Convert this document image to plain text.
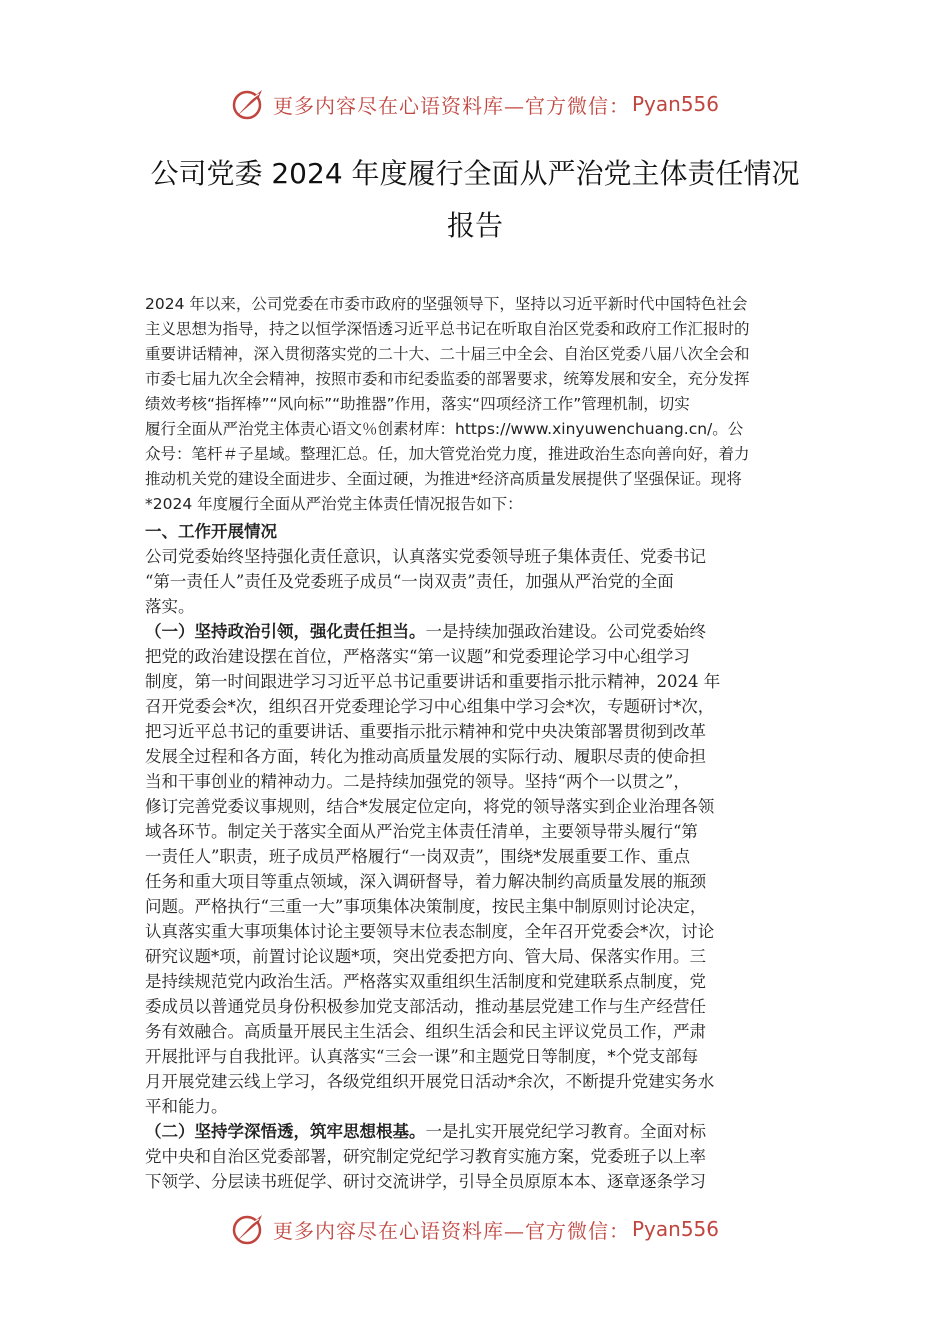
更多内容尽在心语资料库—官方微信： Pyan556
公司党委 2024 年度履行全面从严治党主体责任情况
报告
2024 年以来，公司党委在市委市政府的坚强领导下，坚持以习近平新时代中国特色社会
主义思想为指导，持之以恒学深悟透习近平总书记在听取自治区党委和政府工作汇报时的
重要讲话精神，深入贯彻落实党的二十大、二十届三中全会、自治区党委八届八次全会和
市委七届九次全会精神，按照市委和市纪委监委的部署要求，统筹发展和安全，充分发挥
绩效考核“指挥棒”“风向标”“助推器”作用，落实“四项经济工作”管理机制，切实
履行全面从严治党主体责心语文％创素材库：https://www.xinyuwenchuang.cn/。公
众号：笔杆＃子星域。整理汇总。任，加大管党治党力度，推进政治生态向善向好，着力
推动机关党的建设全面进步、全面过硬，为推进*经济高质量发展提供了坚强保证。现将
*2024 年度履行全面从严治党主体责任情况报告如下：
一、工作开展情况
公司党委始终坚持强化责任意识，认真落实党委领导班子集体责任、党委书记
“第一责任人”责任及党委班子成员“一岗双责”责任，加强从严治党的全面
落实。
（一）坚持政治引领，强化责任担当。一是持续加强政治建设。公司党委始终
把党的政治建设摆在首位，严格落实“第一议题”和党委理论学习中心组学习
制度，第一时间跟进学习习近平总书记重要讲话和重要指示批示精神，2024 年
召开党委会*次，组织召开党委理论学习中心组集中学习会*次，专题研讨*次，
把习近平总书记的重要讲话、重要指示批示精神和党中央决策部署贯彻到改革
发展全过程和各方面，转化为推动高质量发展的实际行动、履职尽责的使命担
当和干事创业的精神动力。二是持续加强党的领导。坚持“两个一以贯之”，
修订完善党委议事规则，结合*发展定位定向，将党的领导落实到企业治理各领
域各环节。制定关于落实全面从严治党主体责任清单，主要领导带头履行“第
一责任人”职责，班子成员严格履行“一岗双责”，围绕*发展重要工作、重点
任务和重大项目等重点领域，深入调研督导，着力解决制约高质量发展的瓶颈
问题。严格执行“三重一大”事项集体决策制度，按民主集中制原则讨论决定，
认真落实重大事项集体讨论主要领导末位表态制度，全年召开党委会*次，讨论
研究议题*项，前置讨论议题*项，突出党委把方向、管大局、保落实作用。三
是持续规范党内政治生活。严格落实双重组织生活制度和党建联系点制度，党
委成员以普通党员身份积极参加党支部活动，推动基层党建工作与生产经营任
务有效融合。高质量开展民主生活会、组织生活会和民主评议党员工作，严肃
开展批评与自我批评。认真落实“三会一课”和主题党日等制度，*个党支部每
月开展党建云线上学习，各级党组织开展党日活动*余次，不断提升党建实务水
平和能力。
（二）坚持学深悟透，筑牢思想根基。一是扎实开展党纪学习教育。全面对标
党中央和自治区党委部署，研究制定党纪学习教育实施方案，党委班子以上率
下领学、分层读书班促学、研讨交流讲学，引导全员原原本本、逐章逐条学习
更多内容尽在心语资料库—官方微信： Pyan556
